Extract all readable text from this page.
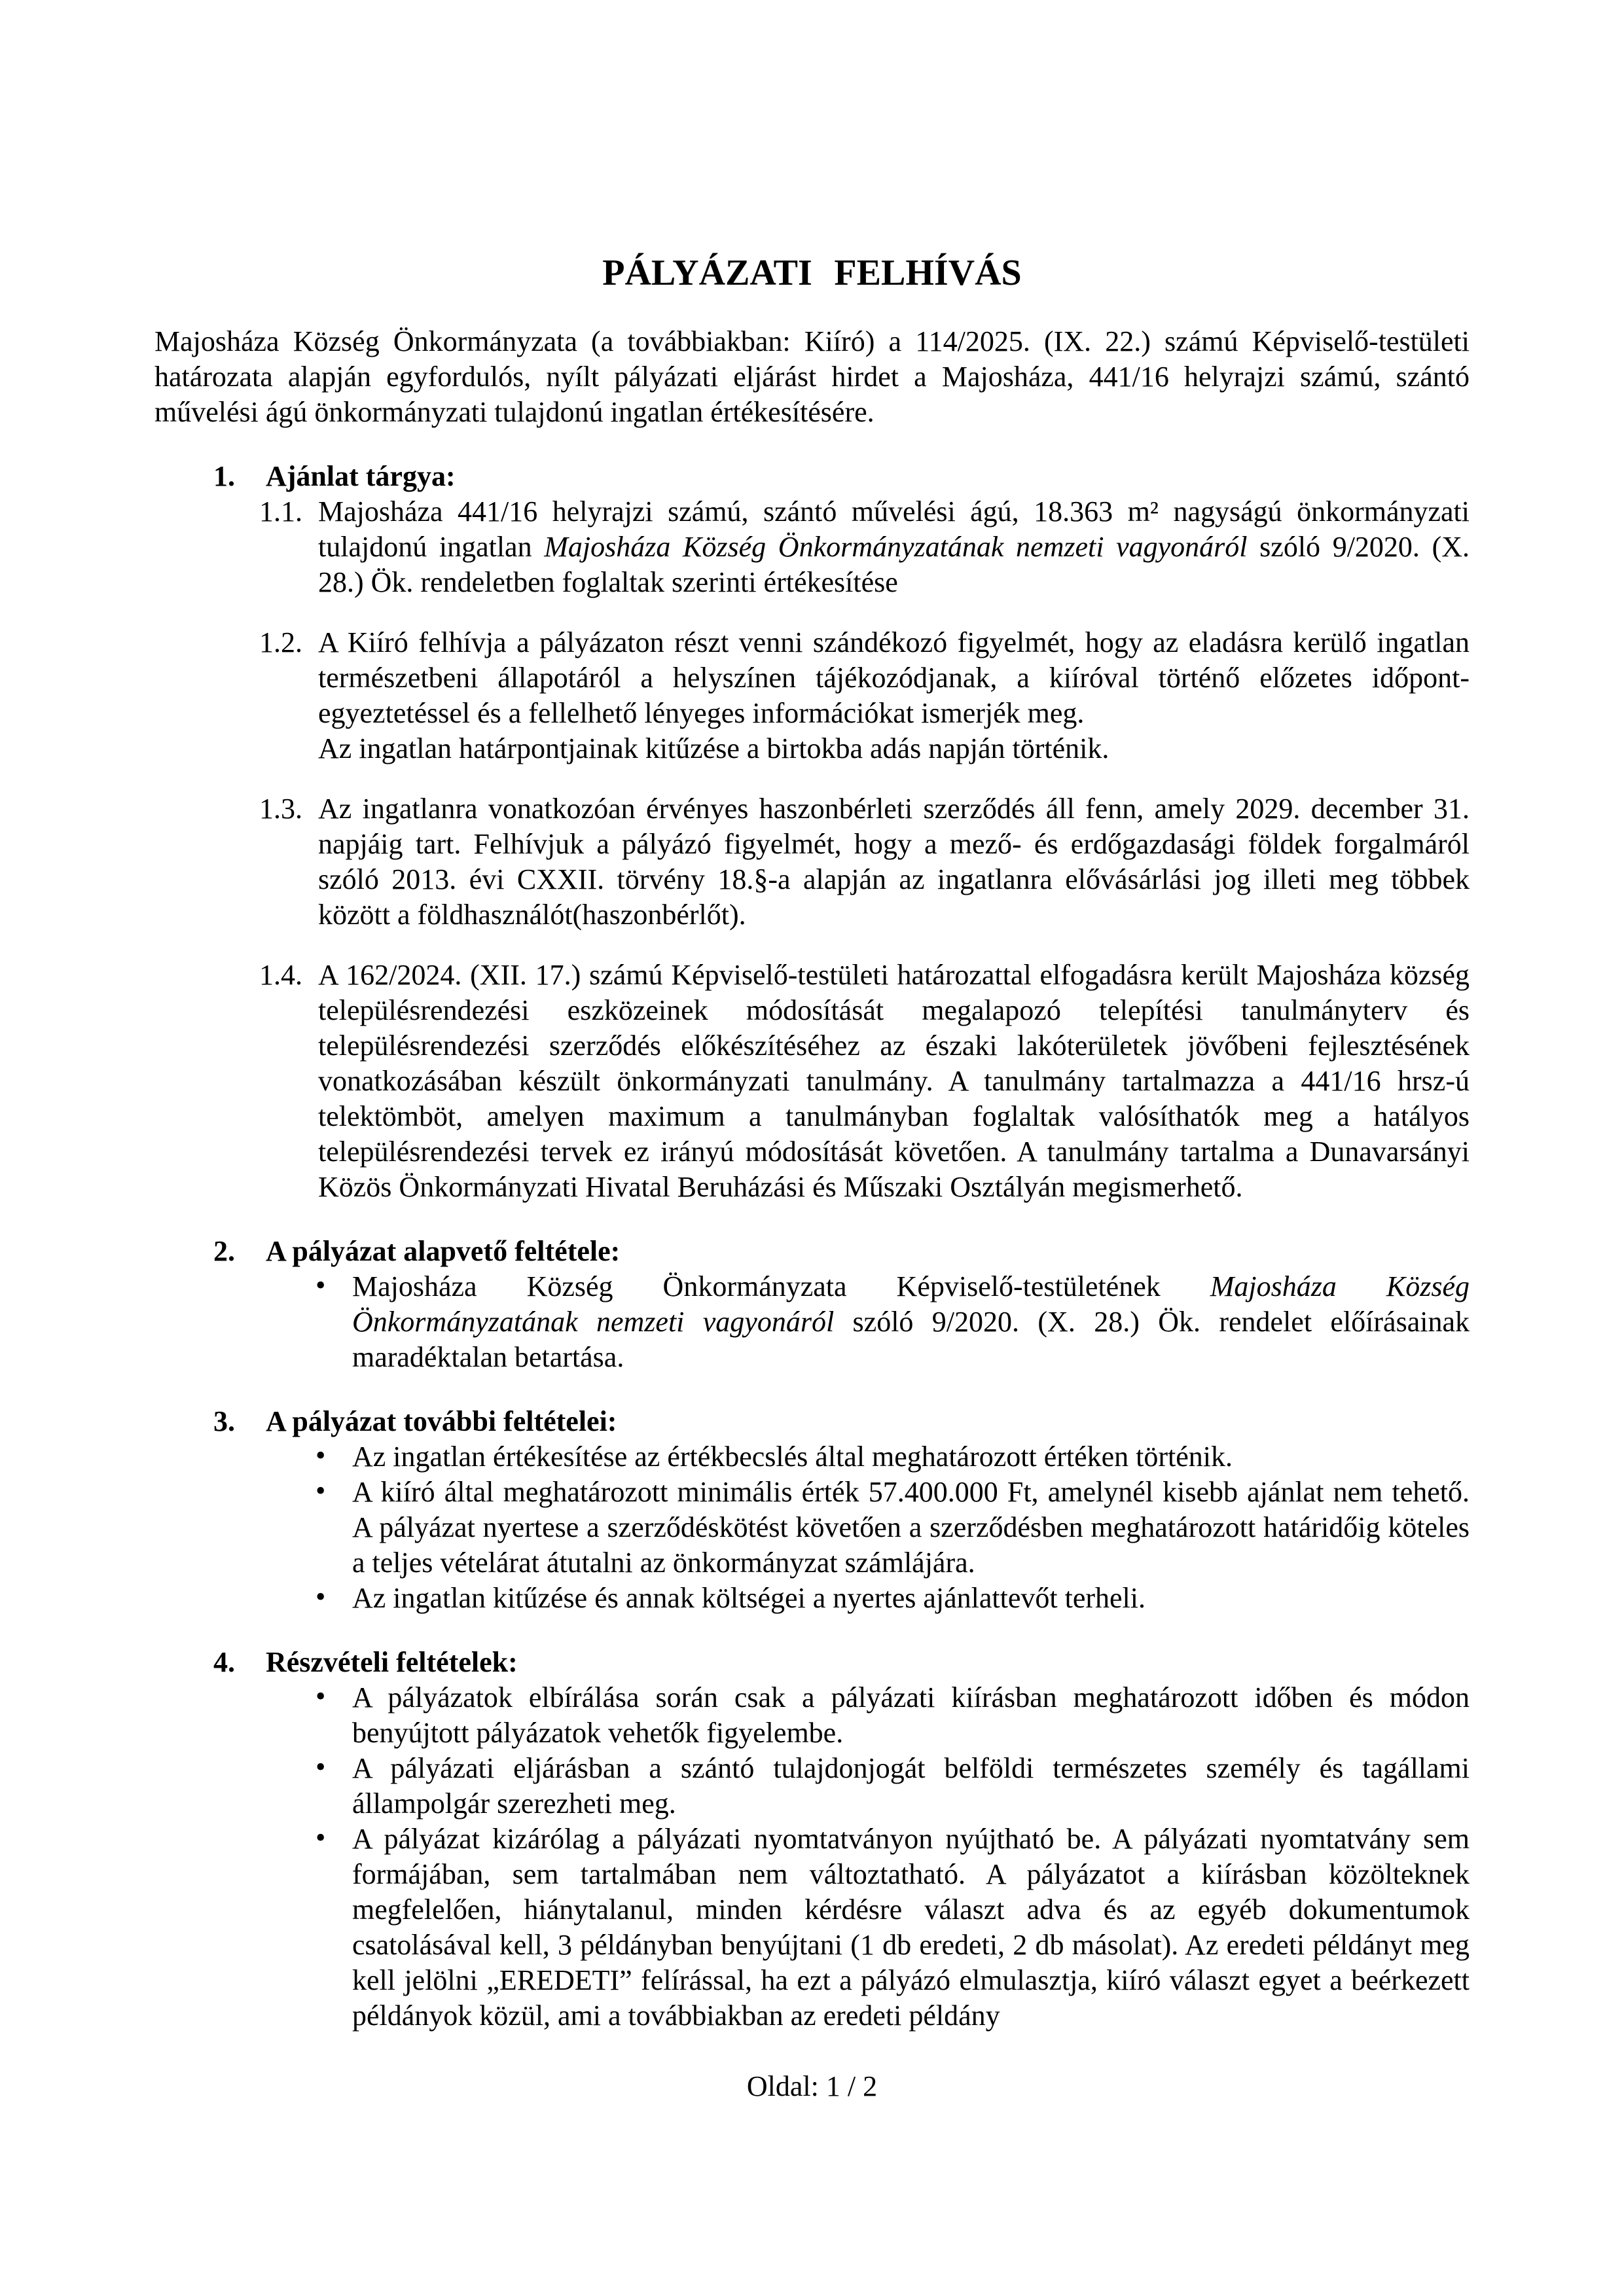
PÁLYÁZATI FELHÍVÁS

Majosháza Község Önkormányzata (a továbbiakban: Kiíró) a 114/2025. (IX. 22.) számú Képviselő-testületi határozata alapján egyfordulós, nyílt pályázati eljárást hirdet a Majosháza, 441/16 helyrajzi számú, szántó művelési ágú önkormányzati tulajdonú ingatlan értékesítésére.

1. Ajánlat tárgya:
1.1. Majosháza 441/16 helyrajzi számú, szántó művelési ágú, 18.363 m² nagyságú önkormányzati tulajdonú ingatlan Majosháza Község Önkormányzatának nemzeti vagyonáról szóló 9/2020. (X. 28.) Ök. rendeletben foglaltak szerinti értékesítése
1.2. A Kiíró felhívja a pályázaton részt venni szándékozó figyelmét, hogy az eladásra kerülő ingatlan természetbeni állapotáról a helyszínen tájékozódjanak, a kiíróval történő előzetes időpont-egyeztetéssel és a fellelhető lényeges információkat ismerjék meg.
Az ingatlan határpontjainak kitűzése a birtokba adás napján történik.
1.3. Az ingatlanra vonatkozóan érvényes haszonbérleti szerződés áll fenn, amely 2029. december 31. napjáig tart. Felhívjuk a pályázó figyelmét, hogy a mező- és erdőgazdasági földek forgalmáról szóló 2013. évi CXXII. törvény 18.§-a alapján az ingatlanra elővásárlási jog illeti meg többek között a földhasználót(haszonbérlőt).
1.4. A 162/2024. (XII. 17.) számú Képviselő-testületi határozattal elfogadásra került Majosháza község településrendezési eszközeinek módosítását megalapozó telepítési tanulmányterv és településrendezési szerződés előkészítéséhez az északi lakóterületek jövőbeni fejlesztésének vonatkozásában készült önkormányzati tanulmány. A tanulmány tartalmazza a 441/16 hrsz-ú telektömböt, amelyen maximum a tanulmányban foglaltak valósíthatók meg a hatályos településrendezési tervek ez irányú módosítását követően. A tanulmány tartalma a Dunavarsányi Közös Önkormányzati Hivatal Beruházási és Műszaki Osztályán megismerhető.
2. A pályázat alapvető feltétele:
• Majosháza Község Önkormányzata Képviselő-testületének Majosháza Község Önkormányzatának nemzeti vagyonáról szóló 9/2020. (X. 28.) Ök. rendelet előírásainak maradéktalan betartása.
3. A pályázat további feltételei:
• Az ingatlan értékesítése az értékbecslés által meghatározott értéken történik.
• A kiíró által meghatározott minimális érték 57.400.000 Ft, amelynél kisebb ajánlat nem tehető. A pályázat nyertese a szerződéskötést követően a szerződésben meghatározott határidőig köteles a teljes vételárat átutalni az önkormányzat számlájára.
• Az ingatlan kitűzése és annak költségei a nyertes ajánlattevőt terheli.
4. Részvételi feltételek:
• A pályázatok elbírálása során csak a pályázati kiírásban meghatározott időben és módon benyújtott pályázatok vehetők figyelembe.
• A pályázati eljárásban a szántó tulajdonjogát belföldi természetes személy és tagállami állampolgár szerezheti meg.
• A pályázat kizárólag a pályázati nyomtatványon nyújtható be. A pályázati nyomtatvány sem formájában, sem tartalmában nem változtatható. A pályázatot a kiírásban közölteknek megfelelően, hiánytalanul, minden kérdésre választ adva és az egyéb dokumentumok csatolásával kell, 3 példányban benyújtani (1 db eredeti, 2 db másolat). Az eredeti példányt meg kell jelölni „EREDETI” felírással, ha ezt a pályázó elmulasztja, kiíró választ egyet a beérkezett példányok közül, ami a továbbiakban az eredeti példány
Oldal: 1 / 2
